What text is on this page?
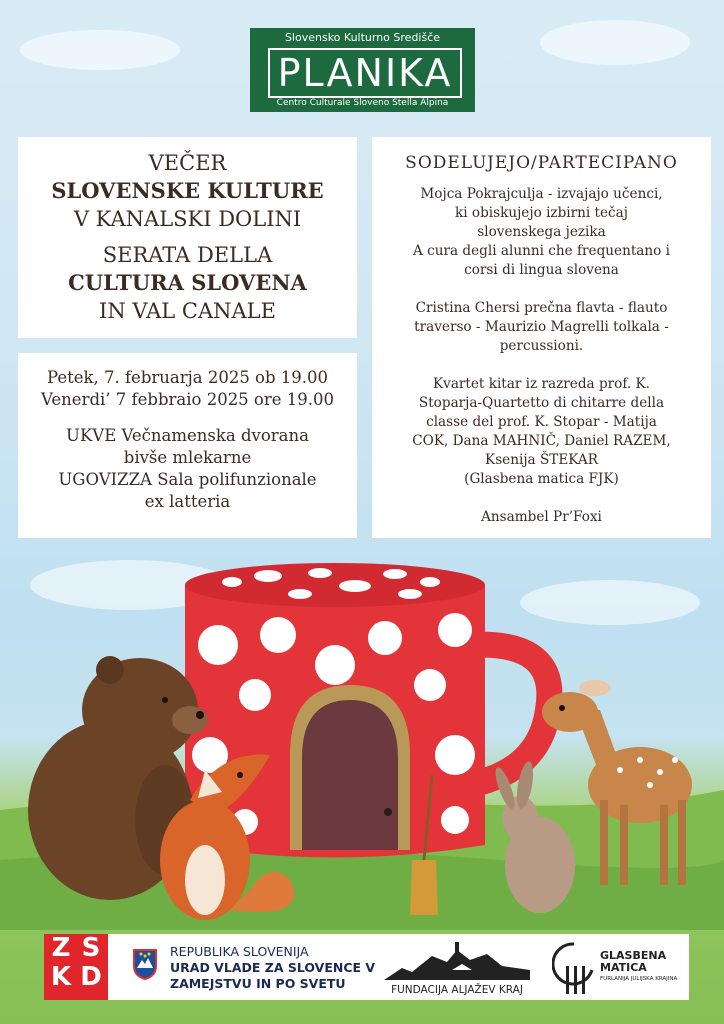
Slovensko Kulturno Središče
PLANIKA
Centro Culturale Sloveno Stella Alpina
VEČER
SLOVENSKE KULTURE
V KANALSKI DOLINI
SERATA DELLA
CULTURA SLOVENA
IN VAL CANALE
Petek, 7. februarja 2025 ob 19.00
Venerdi’ 7 febbraio 2025 ore 19.00
UKVE Večnamenska dvorana
bivše mlekarne
UGOVIZZA Sala polifunzionale
ex latteria
SODELUJEJO/PARTECIPANO
Mojca Pokrajculja - izvajajo učenci,
ki obiskujejo izbirni tečaj
slovenskega jezika
A cura degli alunni che frequentano i
corsi di lingua slovena
Cristina Chersi prečna flavta - flauto
traverso - Maurizio Magrelli tolkala -
percussioni.
Kvartet kitar iz razreda prof. K.
Stoparja-Quartetto di chitarre della
classe del prof. K. Stopar - Matija
COK, Dana MAHNIČ, Daniel RAZEM,
Ksenija ŠTEKAR
(Glasbena matica FJK)
Ansambel Pr’Foxi
Z S
K D
REPUBLIKA SLOVENIJA
URAD VLADE ZA SLOVENCE V
ZAMEJSTVU IN PO SVETU	FUNDACIJA ALJAŽEV KRAJ
GLASBENA
MATICA
FURLANIJA JULIJSKA KRAJINA
